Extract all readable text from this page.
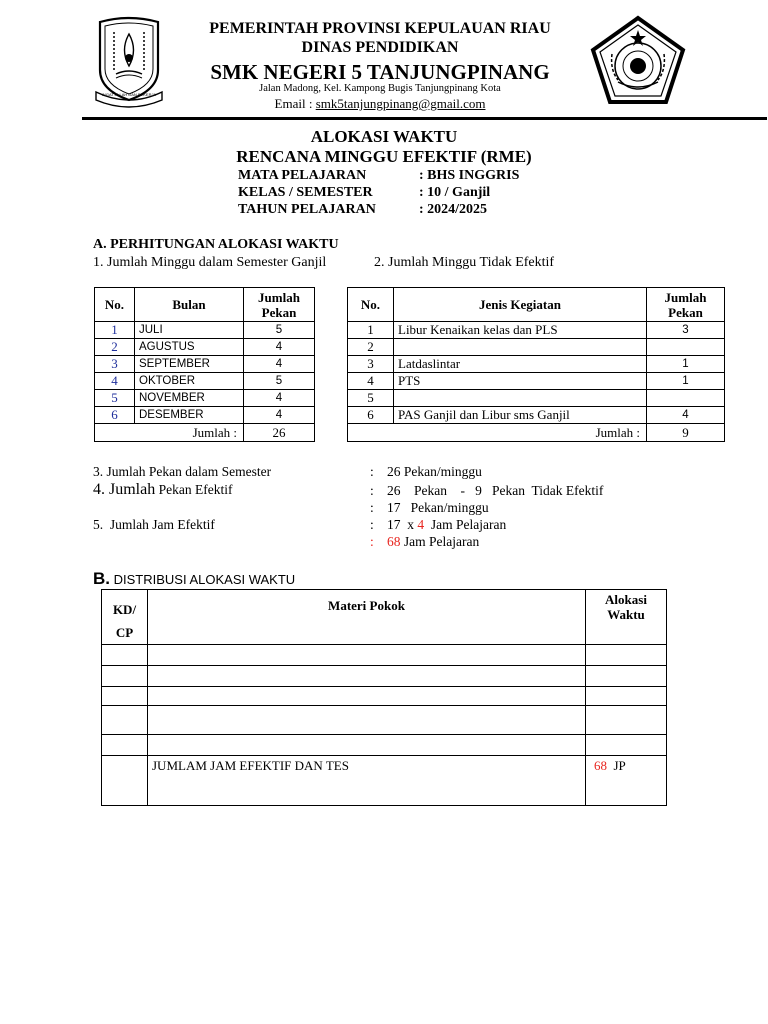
INGAT ALLAH DAN BEKERJA
PEMERINTAH PROVINSI KEPULAUAN RIAU
DINAS PENDIDIKAN
SMK NEGERI 5 TANJUNGPINANG
Jalan Madong, Kel. Kampong Bugis Tanjungpinang Kota
Email : smk5tanjungpinang@gmail.com
ALOKASI WAKTU
RENCANA MINGGU EFEKTIF (RME)
MATA PELAJARAN	: BHS INGGRIS
KELAS / SEMESTER	: 10 / Ganjil
TAHUN PELAJARAN	: 2024/2025
A. PERHITUNGAN ALOKASI WAKTU
1. Jumlah Minggu dalam Semester Ganjil	2. Jumlah Minggu Tidak Efektif
No.	Bulan	Jumlah Pekan
1	JULI	5
2	AGUSTUS	4
3	SEPTEMBER	4
4	OKTOBER	5
5	NOVEMBER	4
6	DESEMBER	4
Jumlah :		26
No.	Jenis Kegiatan	Jumlah Pekan
1	Libur Kenaikan kelas dan PLS	3
2		
3	Latdaslintar	1
4	PTS	1
5		
6	PAS Ganjil dan Libur sms Ganjil	4
Jumlah :		9
3. Jumlah Pekan dalam Semester	: 26 Pekan/minggu
4. Jumlah Pekan Efektif	: 26    Pekan    -   9   Pekan  Tidak Efektif
: 17   Pekan/minggu
5.  Jumlah Jam Efektif	: 17  x 4  Jam Pelajaran
: 68 Jam Pelajaran
B. DISTRIBUSI ALOKASI WAKTU
KD/
CP	Materi Pokok	Alokasi Waktu

	JUMLAM JAM EFEKTIF DAN TES	68  JP
